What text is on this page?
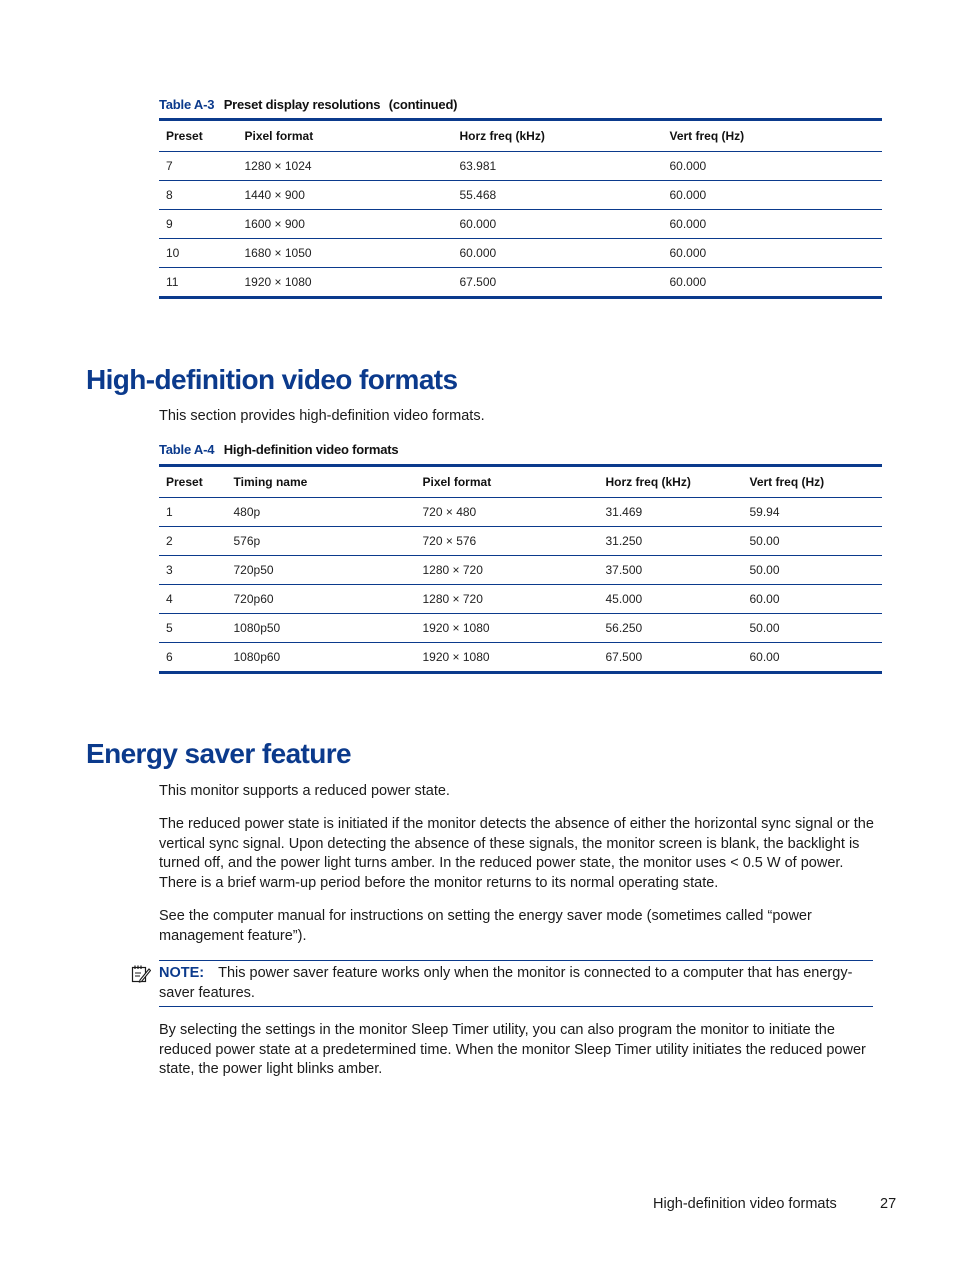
Table A-3 Preset display resolutions (continued)
Preset	Pixel format	Horz freq (kHz)	Vert freq (Hz)
7	1280 × 1024	63.981	60.000
8	1440 × 900	55.468	60.000
9	1600 × 900	60.000	60.000
10	1680 × 1050	60.000	60.000
11	1920 × 1080	67.500	60.000
High-definition video formats

This section provides high-definition video formats.

Table A-4 High-definition video formats
Preset	Timing name	Pixel format	Horz freq (kHz)	Vert freq (Hz)
1	480p	720 × 480	31.469	59.94
2	576p	720 × 576	31.250	50.00
3	720p50	1280 × 720	37.500	50.00
4	720p60	1280 × 720	45.000	60.00
5	1080p50	1920 × 1080	56.250	50.00
6	1080p60	1920 × 1080	67.500	60.00
Energy saver feature

This monitor supports a reduced power state.

The reduced power state is initiated if the monitor detects the absence of either the horizontal sync signal or the vertical sync signal. Upon detecting the absence of these signals, the monitor screen is blank, the backlight is turned off, and the power light turns amber. In the reduced power state, the monitor uses < 0.5 W of power. There is a brief warm-up period before the monitor returns to its normal operating state.

See the computer manual for instructions on setting the energy saver mode (sometimes called “power management feature”).

NOTE: This power saver feature works only when the monitor is connected to a computer that has energy-saver features.

By selecting the settings in the monitor Sleep Timer utility, you can also program the monitor to initiate the reduced power state at a predetermined time. When the monitor Sleep Timer utility initiates the reduced power state, the power light blinks amber.

High-definition video formats	27
